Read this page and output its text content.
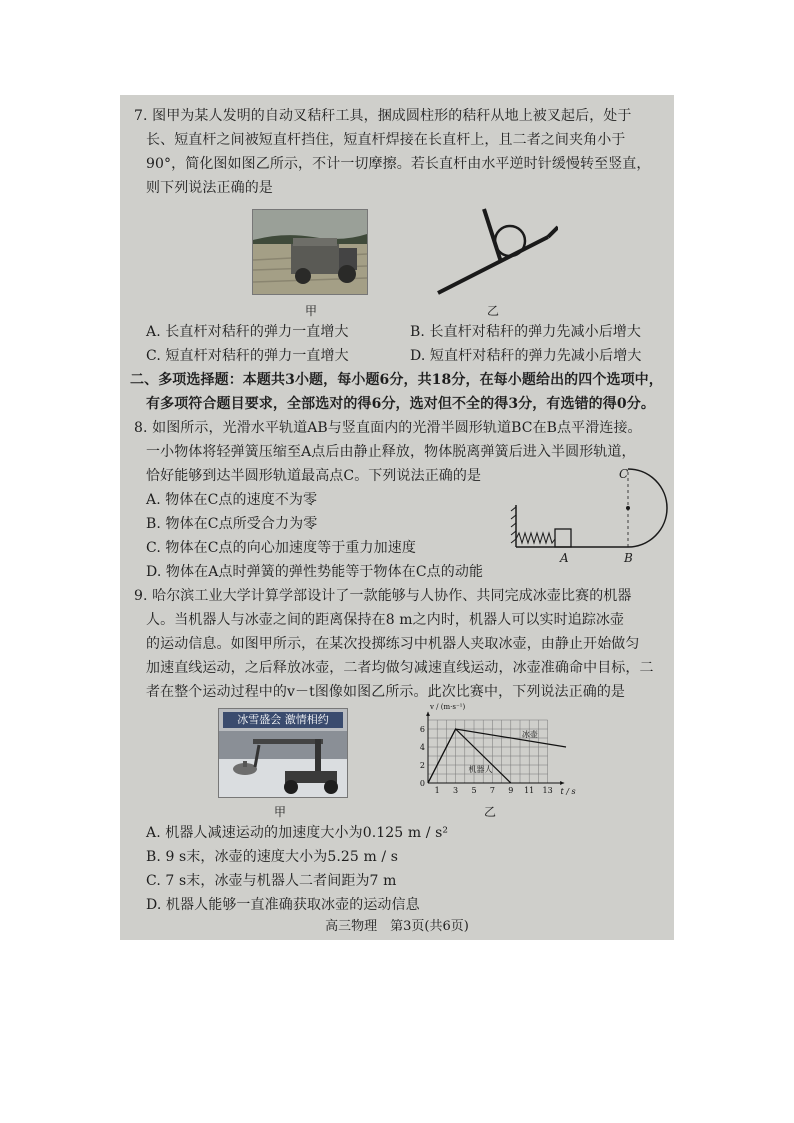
7. 图甲为某人发明的自动叉秸秆工具，捆成圆柱形的秸秆从地上被叉起后，处于
长、短直杆之间被短直杆挡住，短直杆焊接在长直杆上，且二者之间夹角小于
90°，简化图如图乙所示，不计一切摩擦。若长直杆由水平逆时针缓慢转至竖直，
则下列说法正确的是
甲	乙
A. 长直杆对秸秆的弹力一直增大	B. 长直杆对秸秆的弹力先减小后增大
C. 短直杆对秸秆的弹力一直增大	D. 短直杆对秸秆的弹力先减小后增大
二、多项选择题：本题共3小题，每小题6分，共18分，在每小题给出的四个选项中，
有多项符合题目要求，全部选对的得6分，选对但不全的得3分，有选错的得0分。
8. 如图所示，光滑水平轨道AB与竖直面内的光滑半圆形轨道BC在B点平滑连接。
一小物体将轻弹簧压缩至A点后由静止释放，物体脱离弹簧后进入半圆形轨道，
恰好能够到达半圆形轨道最高点C。下列说法正确的是
A. 物体在C点的速度不为零
B. 物体在C点所受合力为零
C. 物体在C点的向心加速度等于重力加速度
D. 物体在A点时弹簧的弹性势能等于物体在C点的动能
A	B
C
9. 哈尔滨工业大学计算学部设计了一款能够与人协作、共同完成冰壶比赛的机器
人。当机器人与冰壶之间的距离保持在8 m之内时，机器人可以实时追踪冰壶
的运动信息。如图甲所示，在某次投掷练习中机器人夹取冰壶，由静止开始做匀
加速直线运动，之后释放冰壶，二者均做匀减速直线运动，冰壶准确命中目标，二
者在整个运动过程中的v－t图像如图乙所示。此次比赛中，下列说法正确的是
冰雪盛会 激情相约
甲
1 3 5 7 9 11 13
0
2
4
6
v / (m·s⁻¹)
t / s
冰壶
机器人
乙
A. 机器人减速运动的加速度大小为0.125 m / s²
B. 9 s末，冰壶的速度大小为5.25 m / s
C. 7 s末，冰壶与机器人二者间距为7 m
D. 机器人能够一直准确获取冰壶的运动信息
高三物理　第3页(共6页)
